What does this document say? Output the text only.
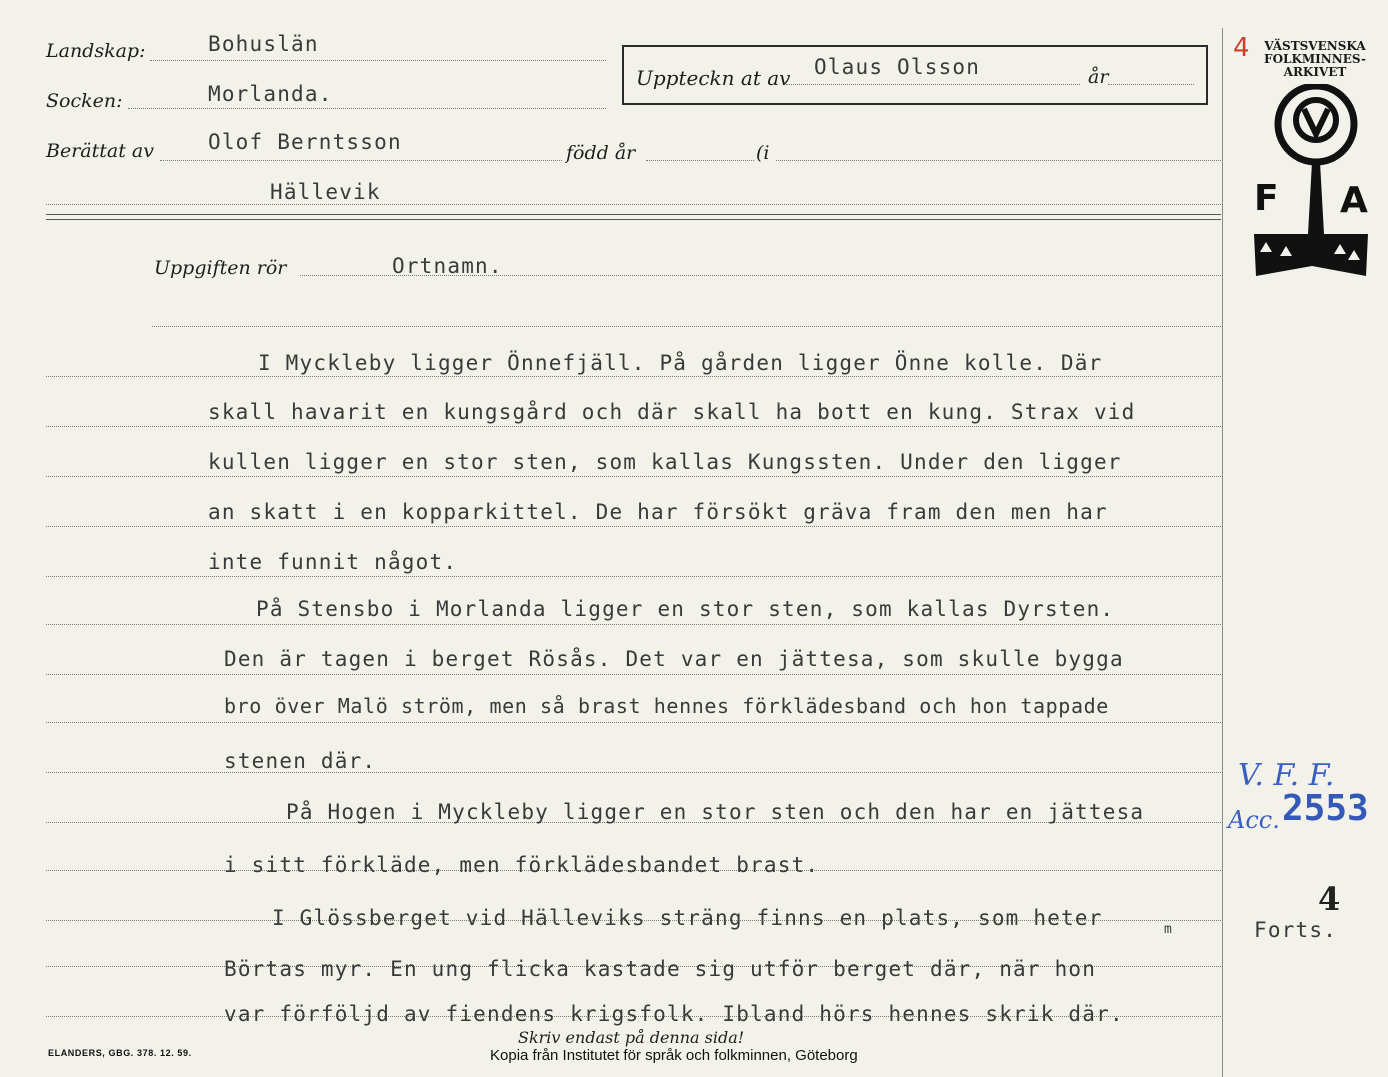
Landskap:	Bohuslän
Socken:	Morlanda.
Uppteckn at av Olaus Olsson	år
Berättat av	Olof Berntsson	född år	(i
Hällevik
Uppgiften rör	Ortnamn.
4	VÄSTSVENSKA
FOLKMINNES-
ARKIVET
F A
I Myckleby ligger Önnefjäll. På gården ligger Önne kolle. Där
skall havarit en kungsgård och där skall ha bott en kung. Strax vid
kullen ligger en stor sten, som kallas Kungssten. Under den ligger
an skatt i en kopparkittel. De har försökt gräva fram den men har
inte funnit något.
På Stensbo i Morlanda ligger en stor sten, som kallas Dyrsten.
Den är tagen i berget Rösås. Det var en jättesa, som skulle bygga
bro över Malö ström, men så brast hennes förklädesband och hon tappade
stenen där.
På Hogen i Myckleby ligger en stor sten och den har en jättesa
i sitt förkläde, men förklädesbandet brast.
I Glössberget vid Hälleviks sträng finns en plats, som heter	m
Börtas myr. En ung flicka kastade sig utför berget där, när hon
var förföljd av fiendens krigsfolk. Ibland hörs hennes skrik där.
V. F. F.
Acc. 2553
4
Forts.
ELANDERS, GBG. 378. 12. 59.
Skriv endast på denna sida!
Kopia från Institutet för språk och folkminnen, Göteborg
